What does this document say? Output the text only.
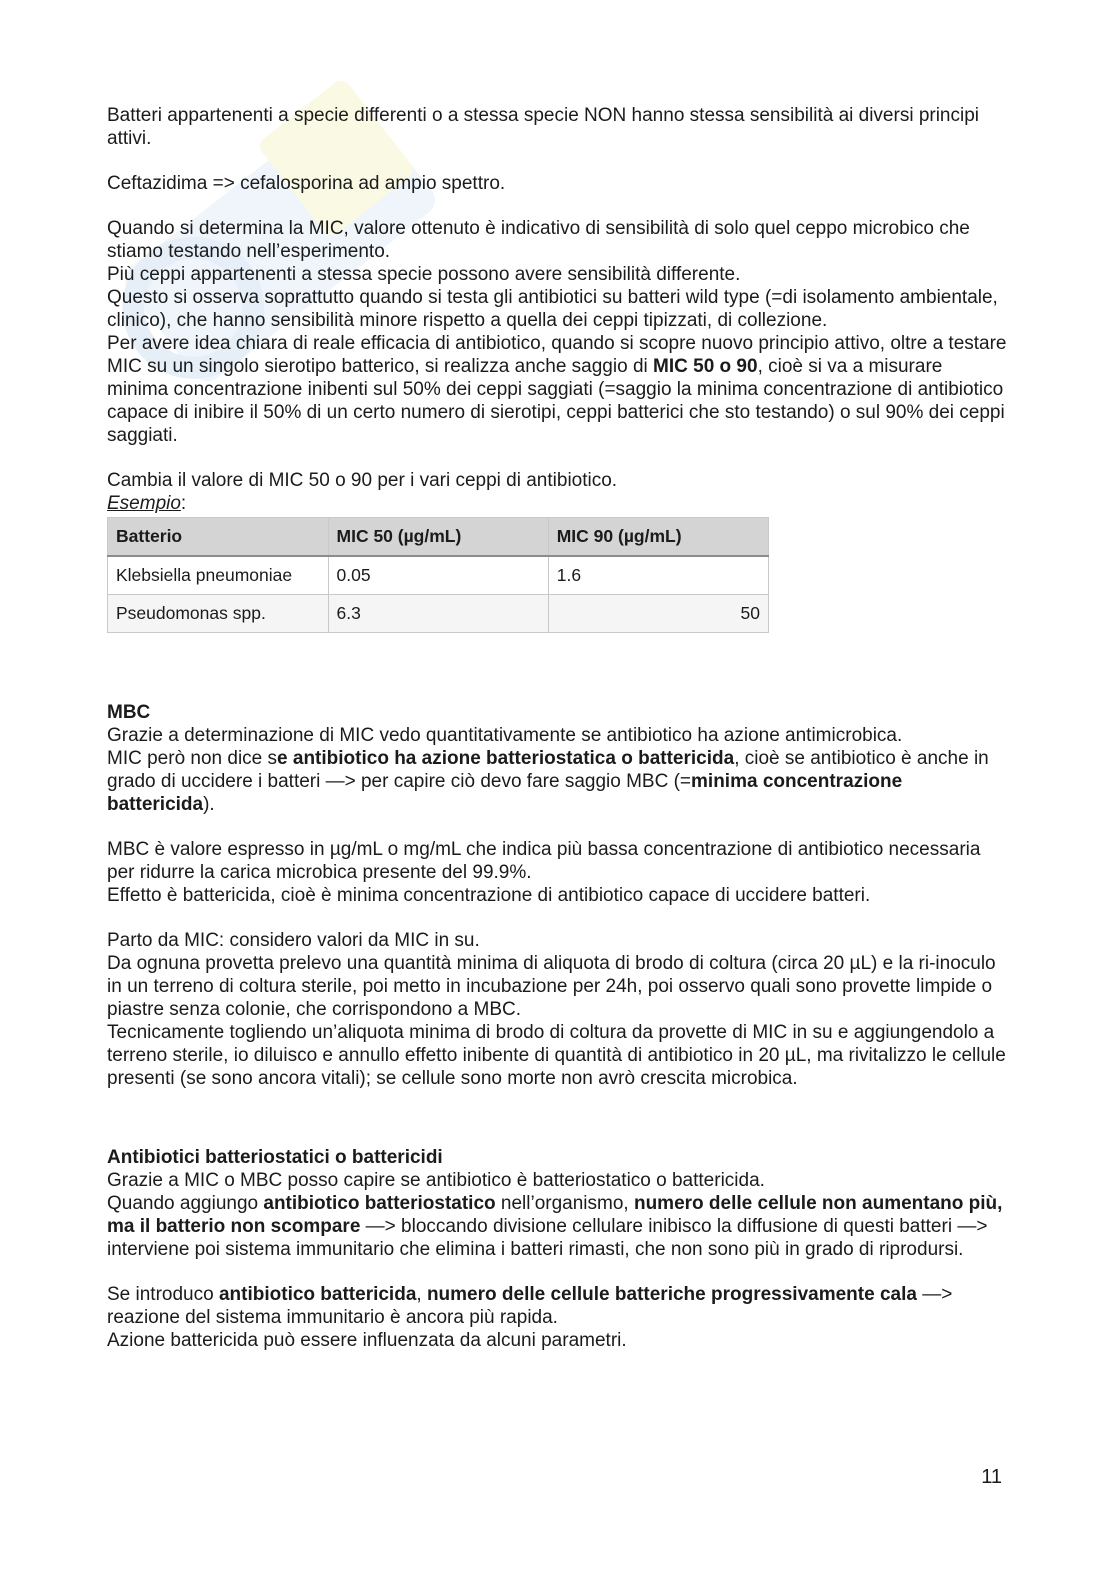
Batteri appartenenti a specie differenti o a stessa specie NON hanno stessa sensibilità ai diversi principi attivi.

Ceftazidima => cefalosporina ad ampio spettro.

Quando si determina la MIC, valore ottenuto è indicativo di sensibilità di solo quel ceppo microbico che stiamo testando nell’esperimento.

Più ceppi appartenenti a stessa specie possono avere sensibilità differente.

Questo si osserva soprattutto quando si testa gli antibiotici su batteri wild type (=di isolamento ambientale, clinico), che hanno sensibilità minore rispetto a quella dei ceppi tipizzati, di collezione.

Per avere idea chiara di reale efficacia di antibiotico, quando si scopre nuovo principio attivo, oltre a testare MIC su un singolo sierotipo batterico, si realizza anche saggio di MIC 50 o 90, cioè si va a misurare minima concentrazione inibenti sul 50% dei ceppi saggiati (=saggio la minima concentrazione di antibiotico capace di inibire il 50% di un certo numero di sierotipi, ceppi batterici che sto testando) o sul 90% dei ceppi saggiati.

Cambia il valore di MIC 50 o 90 per i vari ceppi di antibiotico.

Esempio:

Batterio	MIC 50 (µg/mL)	MIC 90 (µg/mL)
Klebsiella pneumoniae	0.05	1.6
Pseudomonas spp.	6.3	50
MBC

Grazie a determinazione di MIC vedo quantitativamente se antibiotico ha azione antimicrobica.

MIC però non dice se antibiotico ha azione batteriostatica o battericida, cioè se antibiotico è anche in grado di uccidere i batteri —> per capire ciò devo fare saggio MBC (=minima concentrazione battericida).

MBC è valore espresso in µg/mL o mg/mL che indica più bassa concentrazione di antibiotico necessaria per ridurre la carica microbica presente del 99.9%.

Effetto è battericida, cioè è minima concentrazione di antibiotico capace di uccidere batteri.

Parto da MIC: considero valori da MIC in su.

Da ognuna provetta prelevo una quantità minima di aliquota di brodo di coltura (circa 20 µL) e la ri-inoculo in un terreno di coltura sterile, poi metto in incubazione per 24h, poi osservo quali sono provette limpide o piastre senza colonie, che corrispondono a MBC.

Tecnicamente togliendo un’aliquota minima di brodo di coltura da provette di MIC in su e aggiungendolo a terreno sterile, io diluisco e annullo effetto inibente di quantità di antibiotico in 20 µL, ma rivitalizzo le cellule presenti (se sono ancora vitali); se cellule sono morte non avrò crescita microbica.

Antibiotici batteriostatici o battericidi

Grazie a MIC o MBC posso capire se antibiotico è batteriostatico o battericida.

Quando aggiungo antibiotico batteriostatico nell’organismo, numero delle cellule non aumentano più, ma il batterio non scompare —> bloccando divisione cellulare inibisco la diffusione di questi batteri —> interviene poi sistema immunitario che elimina i batteri rimasti, che non sono più in grado di riprodursi.

Se introduco antibiotico battericida, numero delle cellule batteriche progressivamente cala —> reazione del sistema immunitario è ancora più rapida.

Azione battericida può essere influenzata da alcuni parametri.

11
